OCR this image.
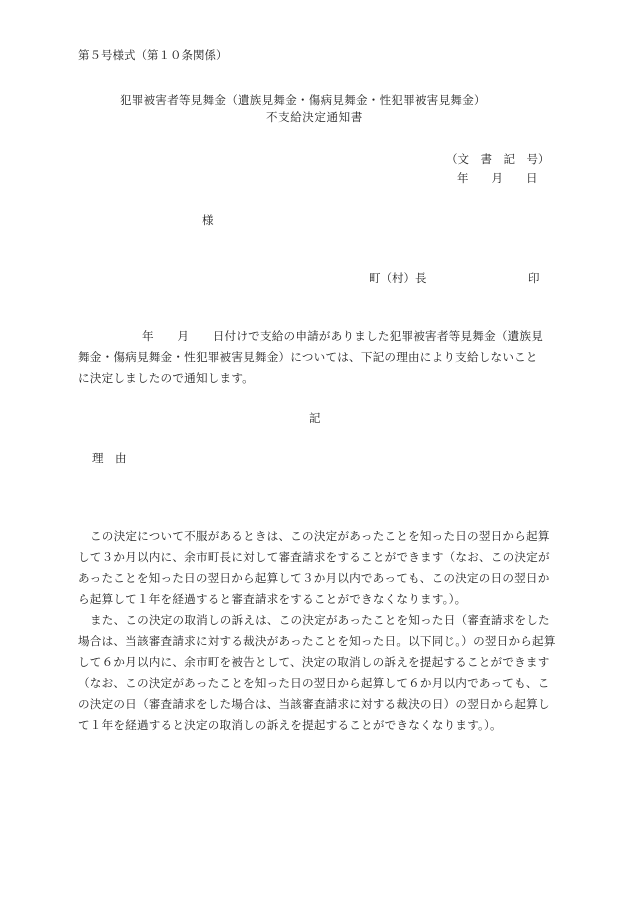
第５号様式（第１０条関係）
犯罪被害者等見舞金（遺族見舞金・傷病見舞金・性犯罪被害見舞金）
不支給決定通知書
（文　書　記　号）
年　　月　　日
様
町（村）長	印
年　　月　　日付けで支給の申請がありました犯罪被害者等見舞金（遺族見
舞金・傷病見舞金・性犯罪被害見舞金）については、下記の理由により支給しないこと
に決定しましたので通知します。
記
理　由
この決定について不服があるときは、この決定があったことを知った日の翌日から起算
して３か月以内に、余市町長に対して審査請求をすることができます（なお、この決定が
あったことを知った日の翌日から起算して３か月以内であっても、この決定の日の翌日か
ら起算して１年を経過すると審査請求をすることができなくなります。）。
また、この決定の取消しの訴えは、この決定があったことを知った日（審査請求をした
場合は、当該審査請求に対する裁決があったことを知った日。以下同じ。）の翌日から起算
して６か月以内に、余市町を被告として、決定の取消しの訴えを提起することができます
（なお、この決定があったことを知った日の翌日から起算して６か月以内であっても、こ
の決定の日（審査請求をした場合は、当該審査請求に対する裁決の日）の翌日から起算し
て１年を経過すると決定の取消しの訴えを提起することができなくなります。）。
